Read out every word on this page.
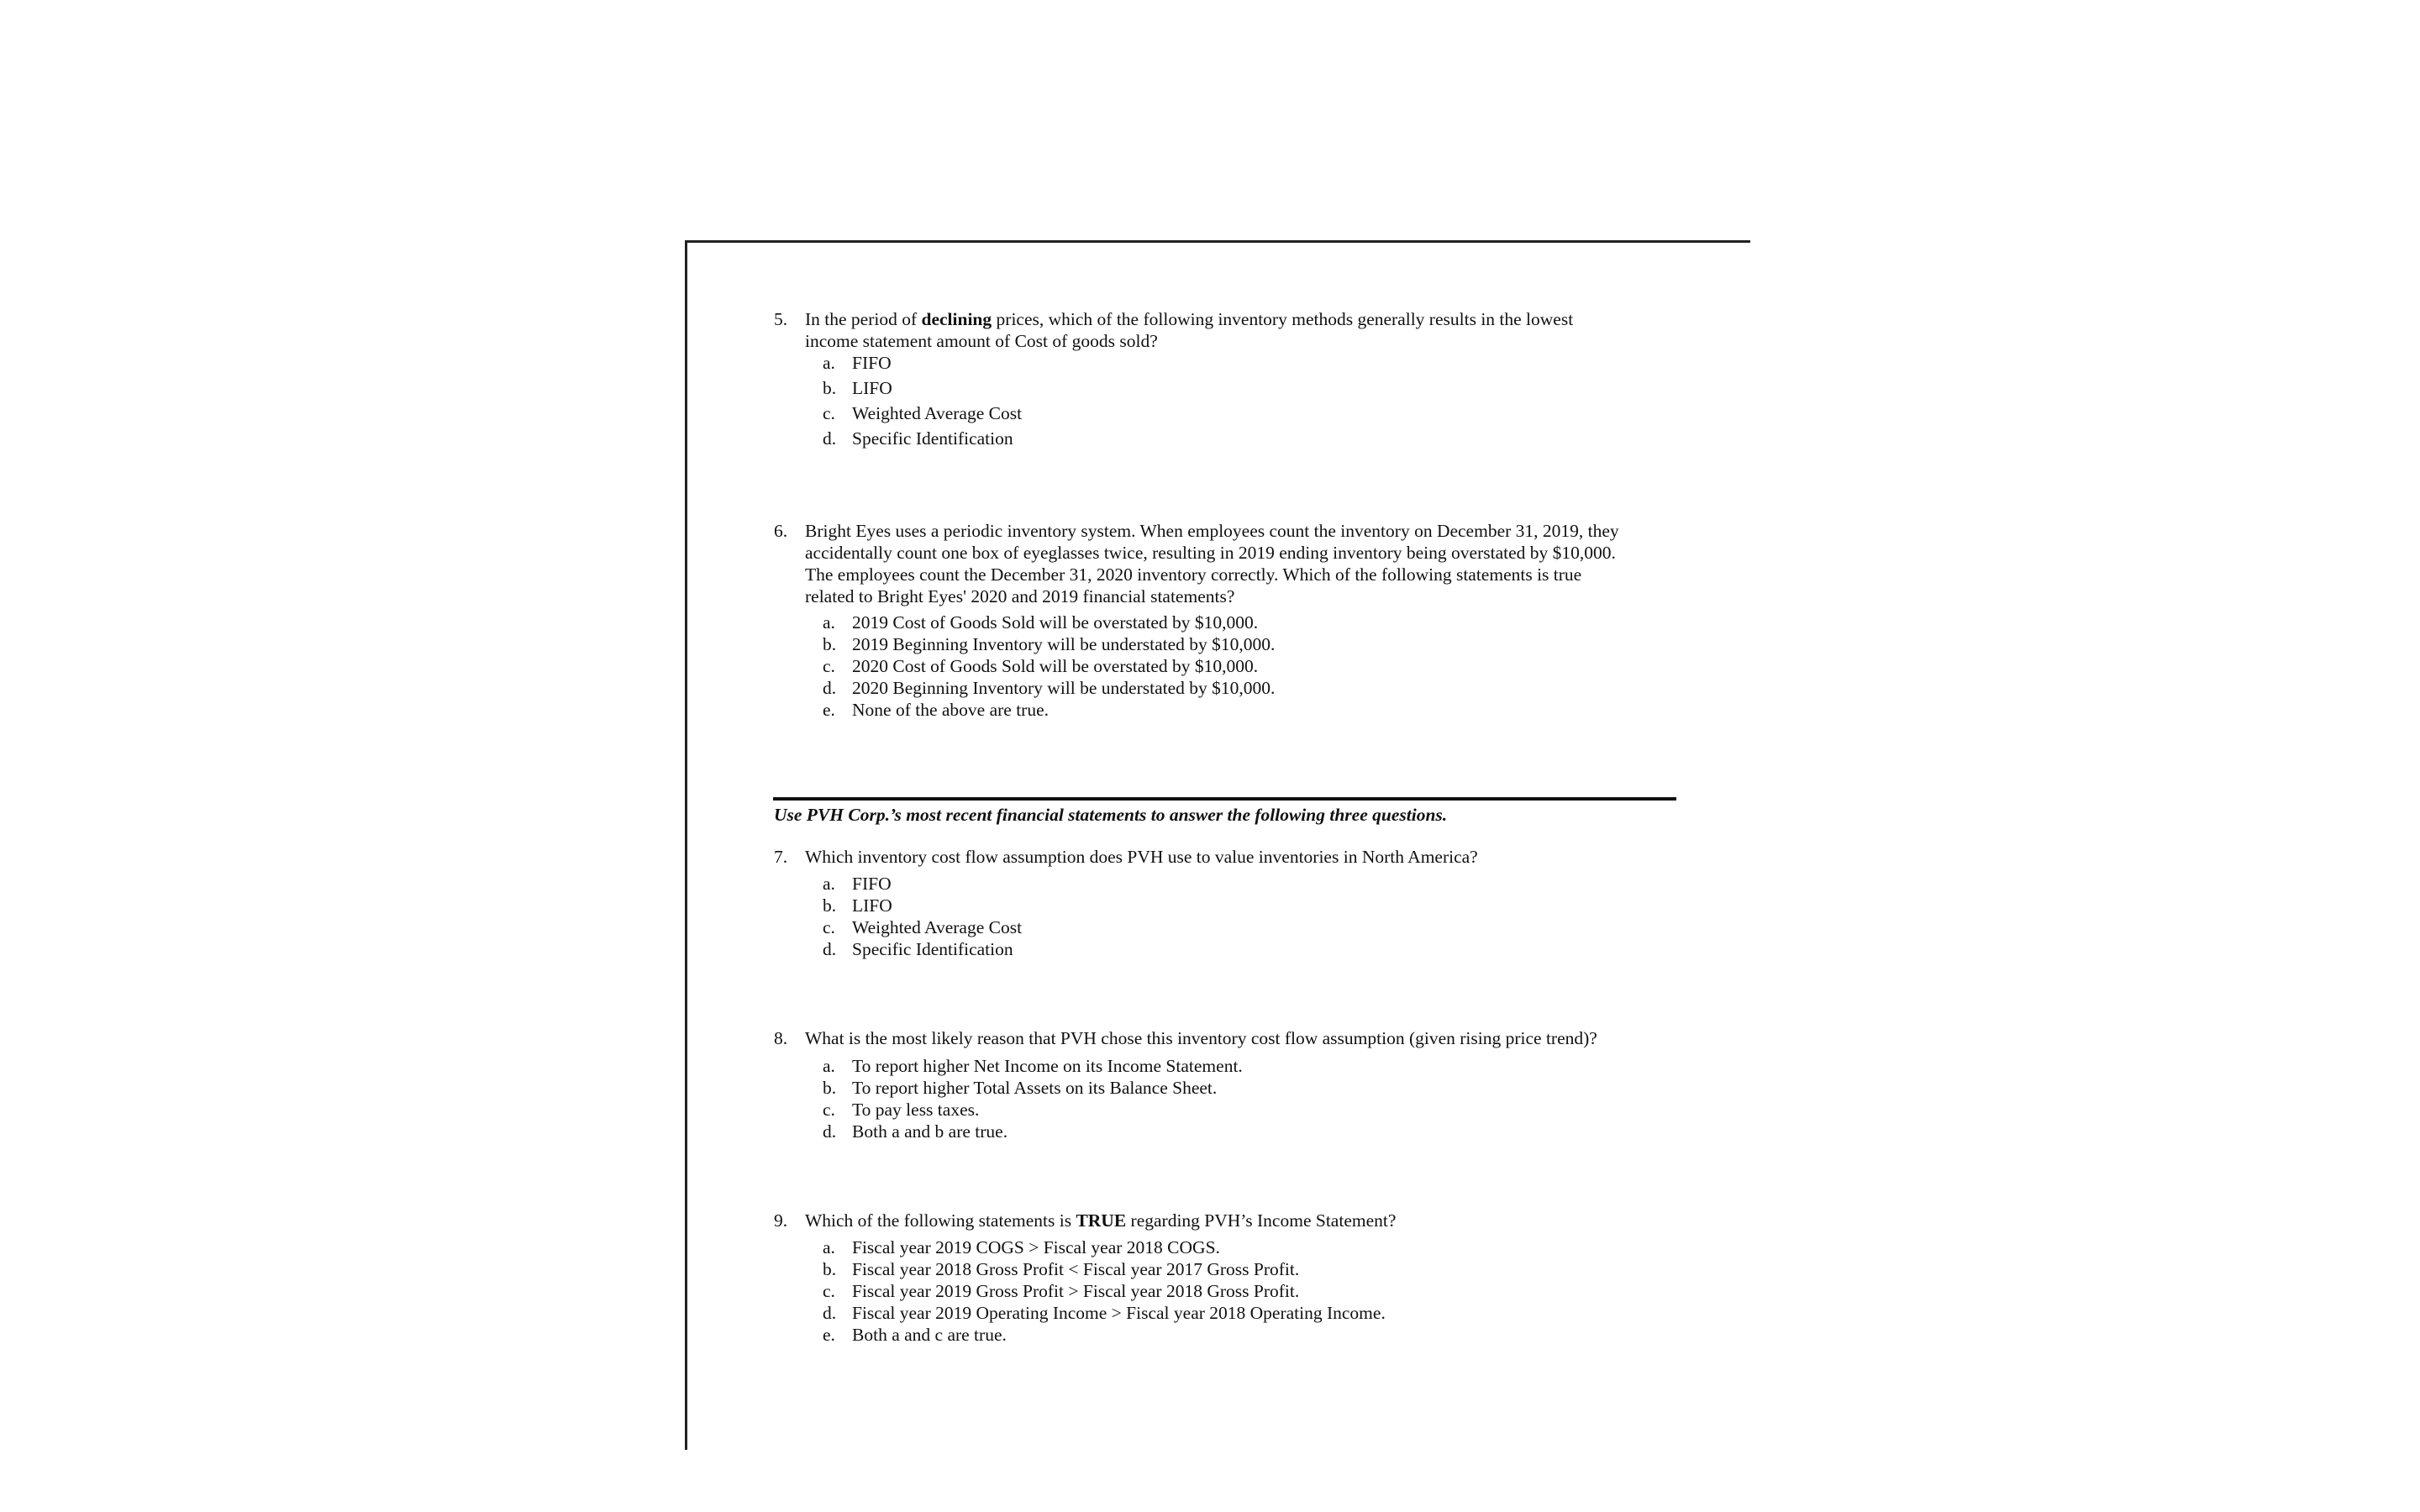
5. In the period of declining prices, which of the following inventory methods generally results in the lowest
income statement amount of Cost of goods sold?
a. FIFO
b. LIFO
c. Weighted Average Cost
d. Specific Identification
6. Bright Eyes uses a periodic inventory system. When employees count the inventory on December 31, 2019, they
accidentally count one box of eyeglasses twice, resulting in 2019 ending inventory being overstated by $10,000.
The employees count the December 31, 2020 inventory correctly. Which of the following statements is true
related to Bright Eyes' 2020 and 2019 financial statements?
a. 2019 Cost of Goods Sold will be overstated by $10,000.
b. 2019 Beginning Inventory will be understated by $10,000.
c. 2020 Cost of Goods Sold will be overstated by $10,000.
d. 2020 Beginning Inventory will be understated by $10,000.
e. None of the above are true.
Use PVH Corp.’s most recent financial statements to answer the following three questions.
7. Which inventory cost flow assumption does PVH use to value inventories in North America?
a. FIFO
b. LIFO
c. Weighted Average Cost
d. Specific Identification
8. What is the most likely reason that PVH chose this inventory cost flow assumption (given rising price trend)?
a. To report higher Net Income on its Income Statement.
b. To report higher Total Assets on its Balance Sheet.
c. To pay less taxes.
d. Both a and b are true.
9. Which of the following statements is TRUE regarding PVH’s Income Statement?
a. Fiscal year 2019 COGS > Fiscal year 2018 COGS.
b. Fiscal year 2018 Gross Profit < Fiscal year 2017 Gross Profit.
c. Fiscal year 2019 Gross Profit > Fiscal year 2018 Gross Profit.
d. Fiscal year 2019 Operating Income > Fiscal year 2018 Operating Income.
e. Both a and c are true.
